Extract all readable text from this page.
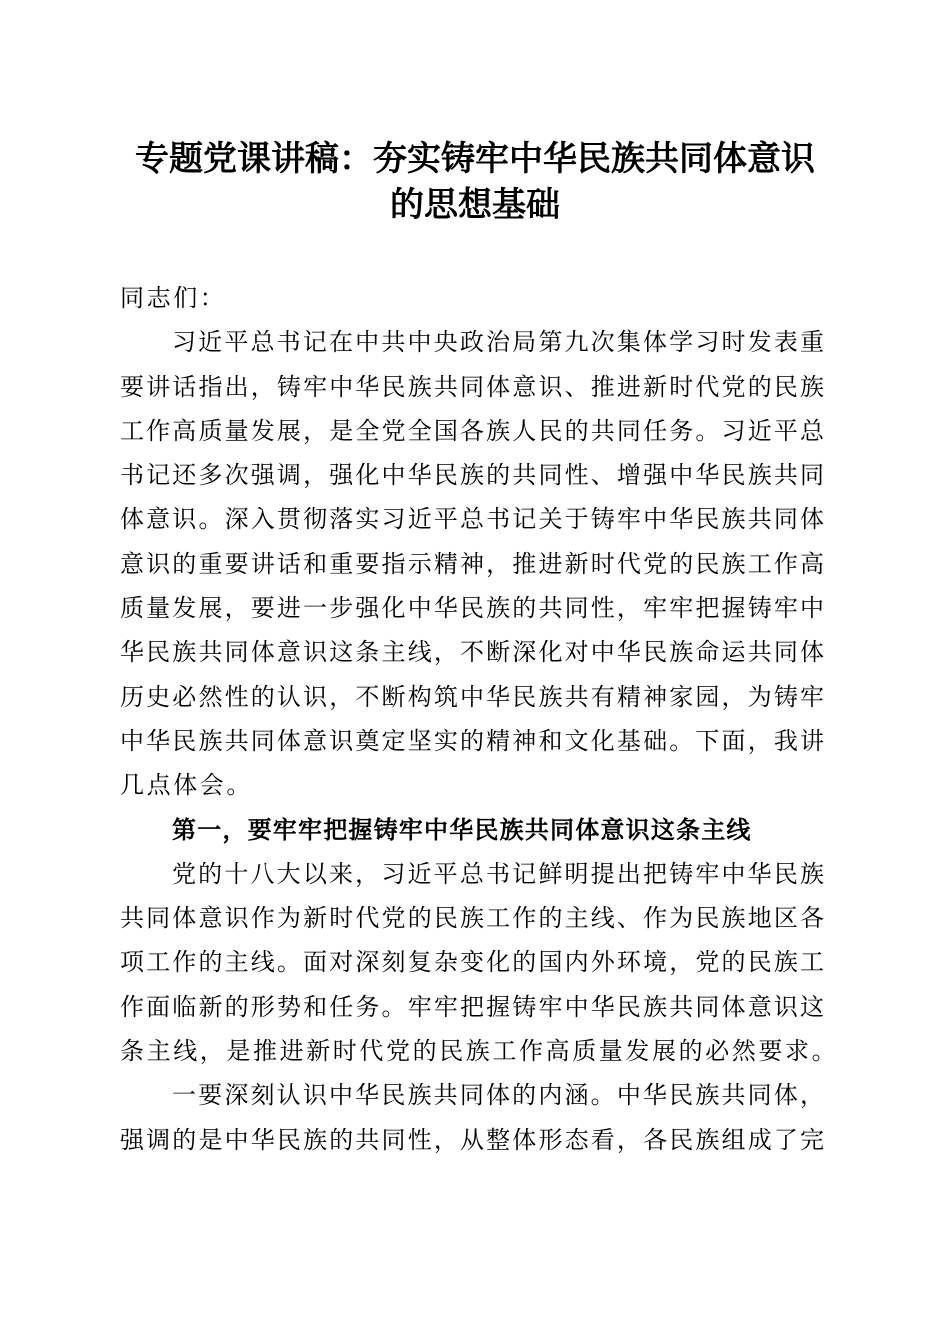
专题党课讲稿：夯实铸牢中华民族共同体意识
的思想基础
同志们：
习近平总书记在中共中央政治局第九次集体学习时发表重
要讲话指出，铸牢中华民族共同体意识、推进新时代党的民族
工作高质量发展，是全党全国各族人民的共同任务。习近平总
书记还多次强调，强化中华民族的共同性、增强中华民族共同
体意识。深入贯彻落实习近平总书记关于铸牢中华民族共同体
意识的重要讲话和重要指示精神，推进新时代党的民族工作高
质量发展，要进一步强化中华民族的共同性，牢牢把握铸牢中
华民族共同体意识这条主线，不断深化对中华民族命运共同体
历史必然性的认识，不断构筑中华民族共有精神家园，为铸牢
中华民族共同体意识奠定坚实的精神和文化基础。下面，我讲
几点体会。
第一，要牢牢把握铸牢中华民族共同体意识这条主线
党的十八大以来，习近平总书记鲜明提出把铸牢中华民族
共同体意识作为新时代党的民族工作的主线、作为民族地区各
项工作的主线。面对深刻复杂变化的国内外环境，党的民族工
作面临新的形势和任务。牢牢把握铸牢中华民族共同体意识这
条主线，是推进新时代党的民族工作高质量发展的必然要求。
一要深刻认识中华民族共同体的内涵。中华民族共同体，
强调的是中华民族的共同性，从整体形态看，各民族组成了完
